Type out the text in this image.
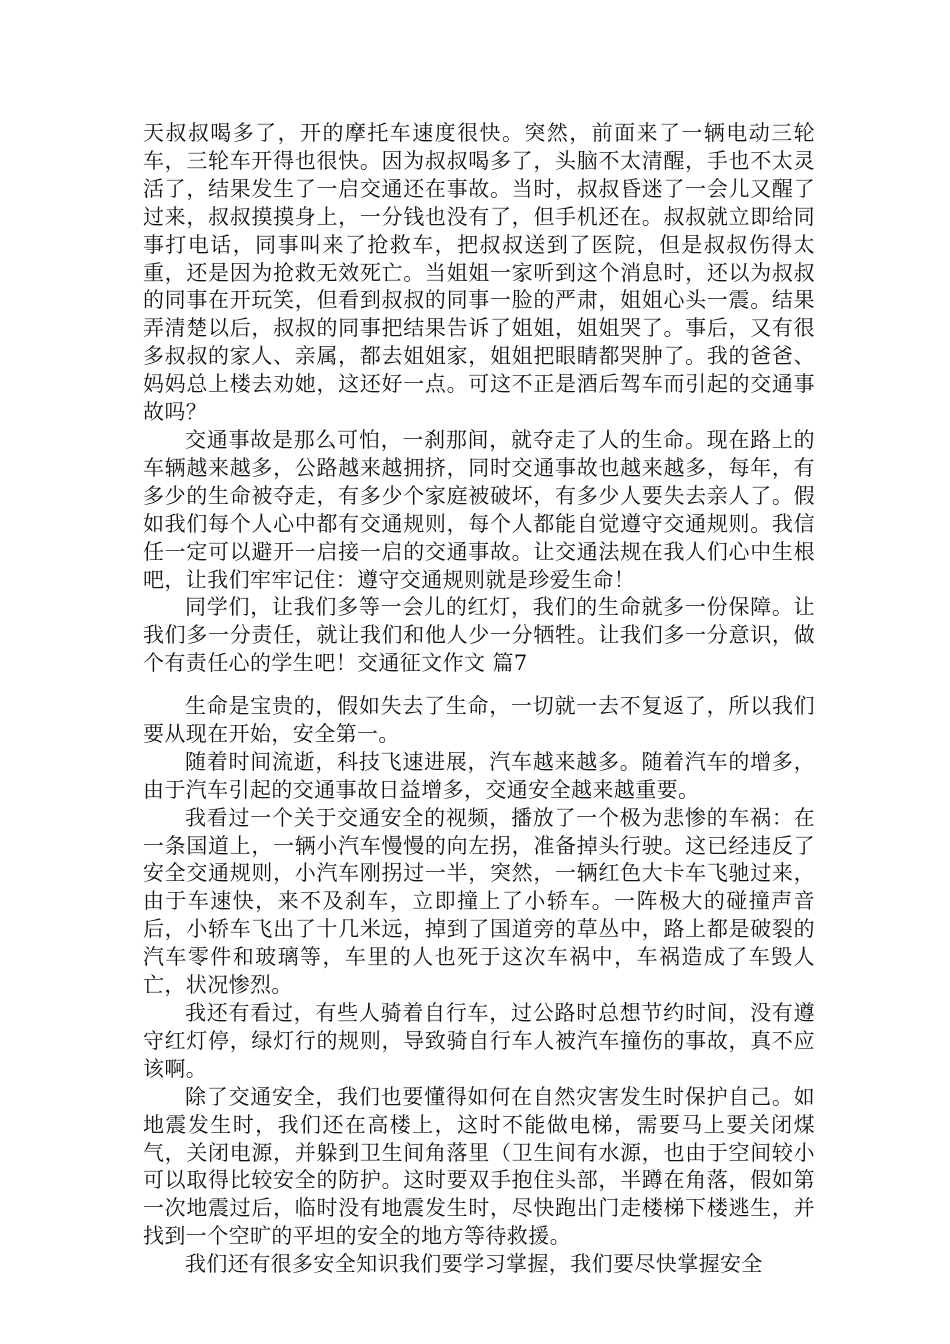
天叔叔喝多了，开的摩托车速度很快。突然，前面来了一辆电动三轮车，三轮车开得也很快。因为叔叔喝多了，头脑不太清醒，手也不太灵活了，结果发生了一启交通还在事故。当时，叔叔昏迷了一会儿又醒了过来，叔叔摸摸身上，一分钱也没有了，但手机还在。叔叔就立即给同事打电话，同事叫来了抢救车，把叔叔送到了医院，但是叔叔伤得太重，还是因为抢救无效死亡。当姐姐一家听到这个消息时，还以为叔叔的同事在开玩笑，但看到叔叔的同事一脸的严肃，姐姐心头一震。结果弄清楚以后，叔叔的同事把结果告诉了姐姐，姐姐哭了。事后，又有很多叔叔的家人、亲属，都去姐姐家，姐姐把眼睛都哭肿了。我的爸爸、妈妈总上楼去劝她，这还好一点。可这不正是酒后驾车而引起的交通事故吗？

交通事故是那么可怕，一刹那间，就夺走了人的生命。现在路上的车辆越来越多，公路越来越拥挤，同时交通事故也越来越多，每年，有多少的生命被夺走，有多少个家庭被破坏，有多少人要失去亲人了。假如我们每个人心中都有交通规则，每个人都能自觉遵守交通规则。我信任一定可以避开一启接一启的交通事故。让交通法规在我人们心中生根吧，让我们牢牢记住：遵守交通规则就是珍爱生命！

同学们，让我们多等一会儿的红灯，我们的生命就多一份保障。让我们多一分责任，就让我们和他人少一分牺牲。让我们多一分意识，做个有责任心的学生吧！交通征文作文 篇7

生命是宝贵的，假如失去了生命，一切就一去不复返了，所以我们要从现在开始，安全第一。

随着时间流逝，科技飞速进展，汽车越来越多。随着汽车的增多，由于汽车引起的交通事故日益增多，交通安全越来越重要。

我看过一个关于交通安全的视频，播放了一个极为悲惨的车祸：在一条国道上，一辆小汽车慢慢的向左拐，准备掉头行驶。这已经违反了安全交通规则，小汽车刚拐过一半，突然，一辆红色大卡车飞驰过来，由于车速快，来不及刹车，立即撞上了小轿车。一阵极大的碰撞声音后，小轿车飞出了十几米远，掉到了国道旁的草丛中，路上都是破裂的汽车零件和玻璃等，车里的人也死于这次车祸中，车祸造成了车毁人亡，状况惨烈。

我还有看过，有些人骑着自行车，过公路时总想节约时间，没有遵守红灯停，绿灯行的规则，导致骑自行车人被汽车撞伤的事故，真不应该啊。

除了交通安全，我们也要懂得如何在自然灾害发生时保护自己。如地震发生时，我们还在高楼上，这时不能做电梯，需要马上要关闭煤气，关闭电源，并躲到卫生间角落里（卫生间有水源，也由于空间较小可以取得比较安全的防护。这时要双手抱住头部，半蹲在角落，假如第一次地震过后，临时没有地震发生时，尽快跑出门走楼梯下楼逃生，并找到一个空旷的平坦的安全的地方等待救援。

我们还有很多安全知识我们要学习掌握，我们要尽快掌握安全
